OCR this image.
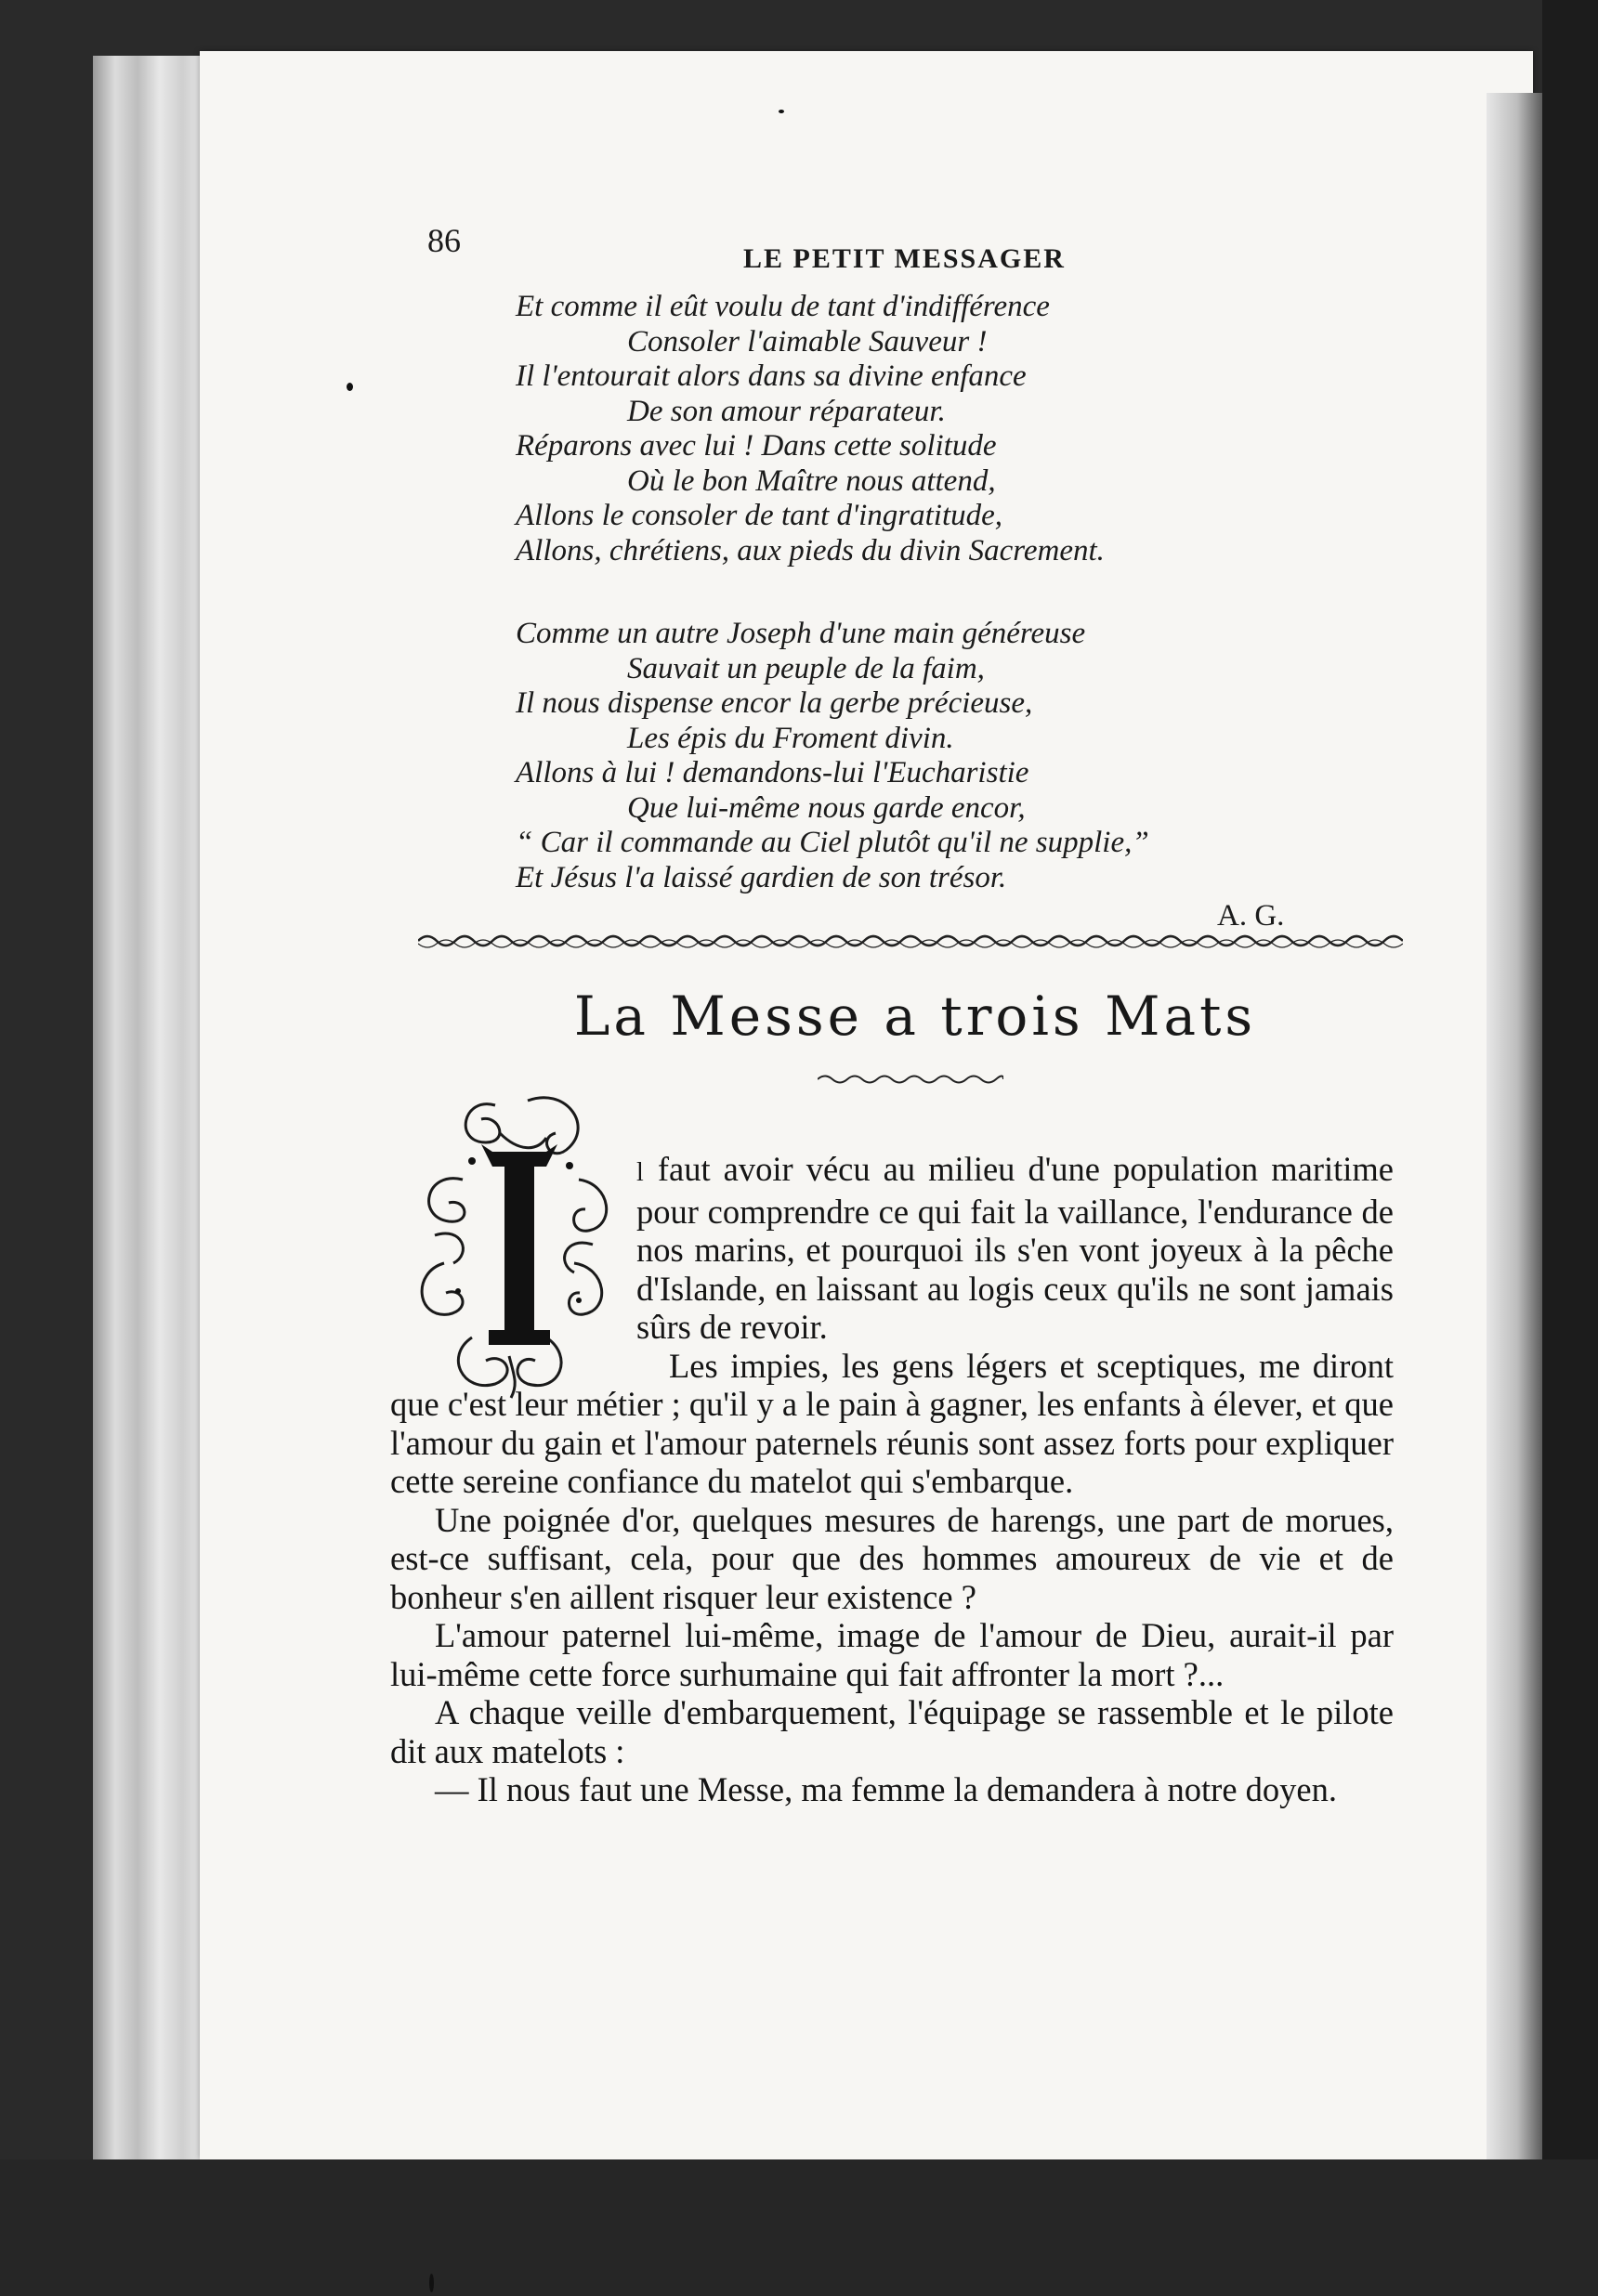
86	LE PETIT MESSAGER
Et comme il eût voulu de tant d'indifférence
Consoler l'aimable Sauveur !
Il l'entourait alors dans sa divine enfance
De son amour réparateur.
Réparons avec lui ! Dans cette solitude
Où le bon Maître nous attend,
Allons le consoler de tant d'ingratitude,
Allons, chrétiens, aux pieds du divin Sacrement.
Comme un autre Joseph d'une main généreuse
Sauvait un peuple de la faim,
Il nous dispense encor la gerbe précieuse,
Les épis du Froment divin.
Allons à lui ! demandons-lui l'Eucharistie
Que lui-même nous garde encor,
“ Car il commande au Ciel plutôt qu'il ne supplie,”
Et Jésus l'a laissé gardien de son trésor.
A. G.
La Messe a trois Mats

l faut avoir vécu au milieu d'une population maritime pour comprendre ce qui fait la vaillance, l'endurance de nos marins, et pourquoi ils s'en vont joyeux à la pêche d'Islande, en laissant au logis ceux qu'ils ne sont jamais sûrs de revoir.

Les impies, les gens légers et sceptiques, me diront que c'est leur métier ; qu'il y a le pain à gagner, les enfants à élever, et que l'amour du gain et l'amour paternels réunis sont assez forts pour expliquer cette sereine confiance du matelot qui s'embarque.

Une poignée d'or, quelques mesures de harengs, une part de morues, est-ce suffisant, cela, pour que des hommes amoureux de vie et de bonheur s'en aillent risquer leur existence ?

L'amour paternel lui-même, image de l'amour de Dieu, aurait-il par lui-même cette force surhumaine qui fait affronter la mort ?...

A chaque veille d'embarquement, l'équipage se rassemble et le pilote dit aux matelots :

— Il nous faut une Messe, ma femme la demandera à notre doyen.
